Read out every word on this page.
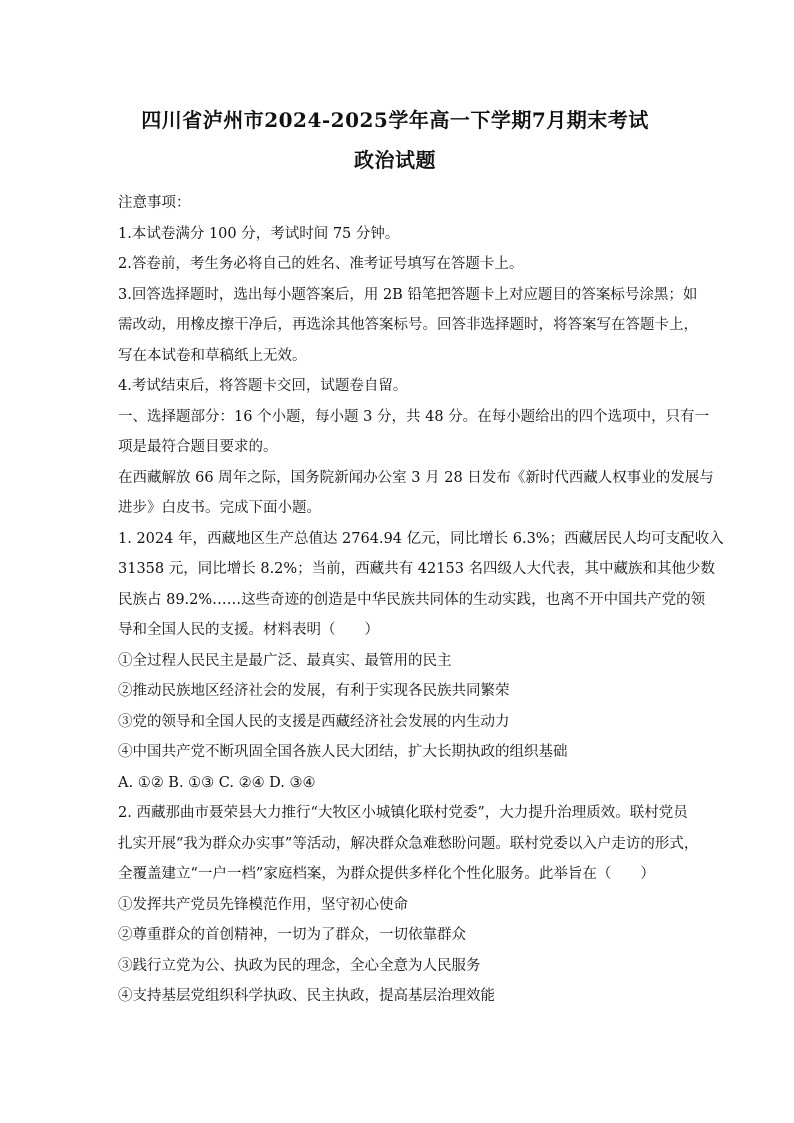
四川省泸州市2024-2025学年高一下学期7月期末考试
政治试题
注意事项：
1.本试卷满分 100 分，考试时间 75 分钟。
2.答卷前，考生务必将自己的姓名、准考证号填写在答题卡上。
3.回答选择题时，选出每小题答案后，用 2B 铅笔把答题卡上对应题目的答案标号涂黑；如
需改动，用橡皮擦干净后，再选涂其他答案标号。回答非选择题时，将答案写在答题卡上，
写在本试卷和草稿纸上无效。
4.考试结束后，将答题卡交回，试题卷自留。
一、选择题部分：16 个小题，每小题 3 分，共 48 分。在每小题给出的四个选项中，只有一
项是最符合题目要求的。
在西藏解放 66 周年之际，国务院新闻办公室 3 月 28 日发布《新时代西藏人权事业的发展与
进步》白皮书。完成下面小题。
1. 2024 年，西藏地区生产总值达 2764.94 亿元，同比增长 6.3%；西藏居民人均可支配收入
31358 元，同比增长 8.2%；当前，西藏共有 42153 名四级人大代表，其中藏族和其他少数
民族占 89.2%……这些奇迹的创造是中华民族共同体的生动实践，也离不开中国共产党的领
导和全国人民的支援。材料表明（　　）
①全过程人民民主是最广泛、最真实、最管用的民主
②推动民族地区经济社会的发展，有利于实现各民族共同繁荣
③党的领导和全国人民的支援是西藏经济社会发展的内生动力
④中国共产党不断巩固全国各族人民大团结，扩大长期执政的组织基础
A. ①② B. ①③ C. ②④ D. ③④
2. 西藏那曲市聂荣县大力推行“大牧区小城镇化联村党委”，大力提升治理质效。联村党员
扎实开展“我为群众办实事”等活动，解决群众急难愁盼问题。联村党委以入户走访的形式，
全覆盖建立“一户一档”家庭档案，为群众提供多样化个性化服务。此举旨在（　　）
①发挥共产党员先锋模范作用，坚守初心使命
②尊重群众的首创精神，一切为了群众，一切依靠群众
③践行立党为公、执政为民的理念，全心全意为人民服务
④支持基层党组织科学执政、民主执政，提高基层治理效能
